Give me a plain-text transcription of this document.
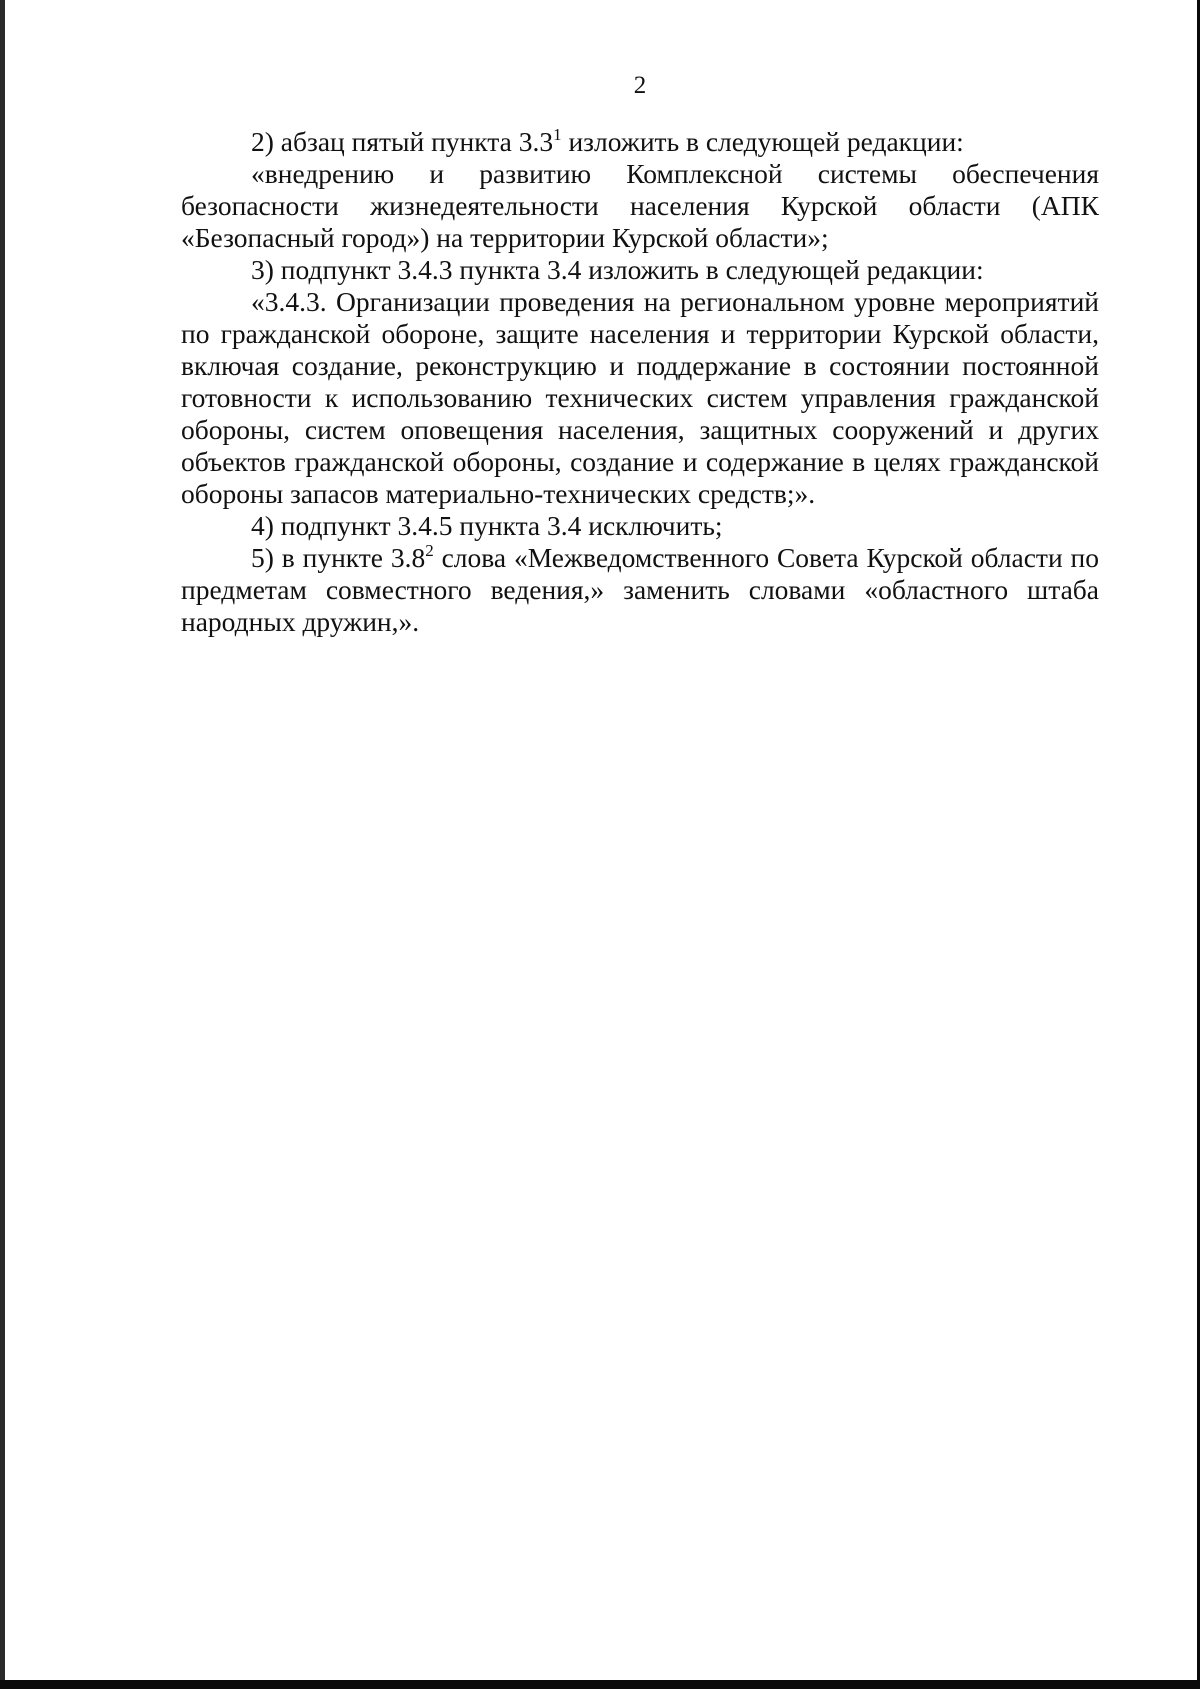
2

2) абзац пятый пункта $3.3^1$ изложить в следующей редакции:

«внедрению и развитию Комплексной системы обеспечения безопасности жизнедеятельности населения Курской области (АПК «Безопасный город») на территории Курской области»;

3) подпункт 3.4.3 пункта 3.4 изложить в следующей редакции:

«3.4.3. Организации проведения на региональном уровне мероприятий по гражданской обороне, защите населения и территории Курской области, включая создание, реконструкцию и поддержание в состоянии постоянной готовности к использованию технических систем управления гражданской обороны, систем оповещения населения, защитных сооружений и других объектов гражданской обороны, создание и содержание в целях гражданской обороны запасов материально-технических средств;».

4) подпункт 3.4.5 пункта 3.4 исключить;

5) в пункте $3.8^2$ слова «Межведомственного Совета Курской области по предметам совместного ведения,» заменить словами «областного штаба народных дружин,».
